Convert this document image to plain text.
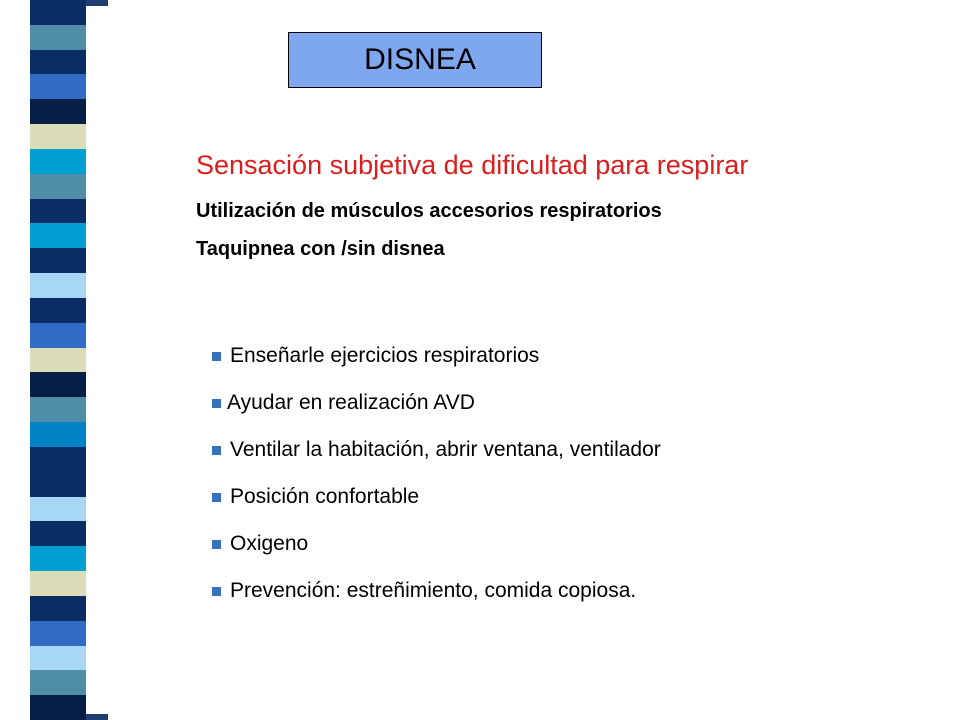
DISNEA
Sensación subjetiva de dificultad para respirar
Utilización de músculos accesorios respiratorios
Taquipnea con /sin disnea
Enseñarle ejercicios respiratorios
Ayudar en realización AVD
Ventilar la habitación, abrir ventana, ventilador
Posición confortable
Oxigeno
Prevención: estreñimiento, comida copiosa.
